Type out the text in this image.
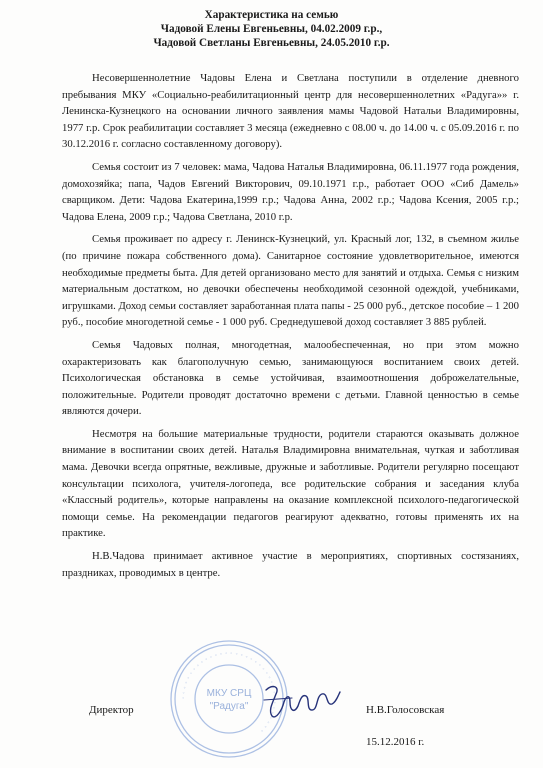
Характеристика на семью
Чадовой Елены Евгеньевны, 04.02.2009 г.р.,
Чадовой Светланы Евгеньевны, 24.05.2010 г.р.

Несовершеннолетние Чадовы Елена и Светлана поступили в отделение дневного пребывания МКУ «Социально-реабилитационный центр для несовершеннолетних «Радуга»» г. Ленинска-Кузнецкого на основании личного заявления мамы Чадовой Натальи Владимировны, 1977 г.р. Срок реабилитации составляет 3 месяца (ежедневно с 08.00 ч. до 14.00 ч. с 05.09.2016 г. по 30.12.2016 г. согласно составленному договору).

Семья состоит из 7 человек: мама, Чадова Наталья Владимировна, 06.11.1977 года рождения, домохозяйка; папа, Чадов Евгений Викторович, 09.10.1971 г.р., работает ООО «Сиб Дамель» сварщиком. Дети: Чадова Екатерина,1999 г.р.; Чадова Анна, 2002 г.р.; Чадова Ксения, 2005 г.р.; Чадова Елена, 2009 г.р.; Чадова Светлана, 2010 г.р.

Семья проживает по адресу г. Ленинск-Кузнецкий, ул. Красный лог, 132, в съемном жилье (по причине пожара собственного дома). Санитарное состояние удовлетворительное, имеются необходимые предметы быта. Для детей организовано место для занятий и отдыха. Семья с низким материальным достатком, но девочки обеспечены необходимой сезонной одеждой, учебниками, игрушками. Доход семьи составляет заработанная плата папы - 25 000 руб., детское пособие – 1 200 руб., пособие многодетной семье - 1 000 руб. Среднедушевой доход составляет 3 885 рублей.

Семья Чадовых полная, многодетная, малообеспеченная, но при этом можно охарактеризовать как благополучную семью, занимающуюся воспитанием своих детей. Психологическая обстановка в семье устойчивая, взаимоотношения доброжелательные, положительные. Родители проводят достаточно времени с детьми. Главной ценностью в семье являются дочери.

Несмотря на большие материальные трудности, родители стараются оказывать должное внимание в воспитании своих детей. Наталья Владимировна внимательная, чуткая и заботливая мама. Девочки всегда опрятные, вежливые, дружные и заботливые. Родители регулярно посещают консультации психолога, учителя-логопеда, все родительские собрания и заседания клуба «Классный родитель», которые направлены на оказание комплексной психолого-педагогической помощи семье. На рекомендации педагогов реагируют адекватно, готовы применять их на практике.

Н.В.Чадова принимает активное участие в мероприятиях, спортивных состязаниях, праздниках, проводимых в центре.

◦ ◦ ◦ ◦ ◦ ◦ ◦ ◦ ◦ ◦ ◦ ◦ ◦ ◦ ◦ ◦ ◦ ◦ ◦ ◦ ◦ ◦ ◦ ◦ ◦ ◦ ◦ ◦ ◦ ◦ ◦ ◦ ◦ ◦ ◦
МКУ СРЦ
"Радуга"
Директор	Н.В.Голосовская
15.12.2016 г.
